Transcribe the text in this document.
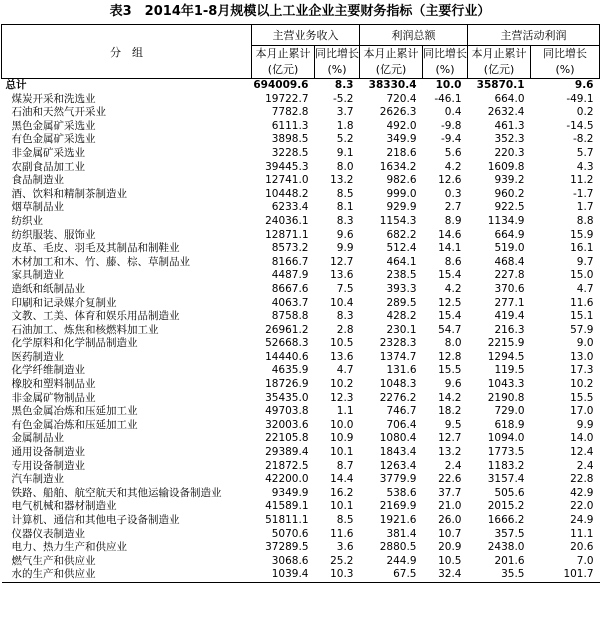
表3　2014年1-8月规模以上工业企业主要财务指标（主要行业）
分　组	主营业务收入		利润总额		主营活动利润	
	本月止累计	同比增长	本月止累计	同比增长	本月止累计	同比增长
	(亿元)	(%)	(亿元)	(%)	(亿元)	(%)
总计	694009.6	8.3	38330.4	10.0	35870.1	9.6
煤炭开采和洗选业	19722.7	-5.2	720.4	-46.1	664.0	-49.1
石油和天然气开采业	7782.8	3.7	2626.3	0.4	2632.4	0.2
黑色金属矿采选业	6111.3	1.8	492.0	-9.8	461.3	-14.5
有色金属矿采选业	3898.5	5.2	349.9	-9.4	352.3	-8.2
非金属矿采选业	3228.5	9.1	218.6	5.6	220.3	5.7
农副食品加工业	39445.3	8.0	1634.2	4.2	1609.8	4.3
食品制造业	12741.0	13.2	982.6	12.6	939.2	11.2
酒、饮料和精制茶制造业	10448.2	8.5	999.0	0.3	960.2	-1.7
烟草制品业	6233.4	8.1	929.9	2.7	922.5	1.7
纺织业	24036.1	8.3	1154.3	8.9	1134.9	8.8
纺织服装、服饰业	12871.1	9.6	682.2	14.6	664.9	15.9
皮革、毛皮、羽毛及其制品和制鞋业	8573.2	9.9	512.4	14.1	519.0	16.1
木材加工和木、竹、藤、棕、草制品业	8166.7	12.7	464.1	8.6	468.4	9.7
家具制造业	4487.9	13.6	238.5	15.4	227.8	15.0
造纸和纸制品业	8667.6	7.5	393.3	4.2	370.6	4.7
印刷和记录媒介复制业	4063.7	10.4	289.5	12.5	277.1	11.6
文教、工美、体育和娱乐用品制造业	8758.8	8.3	428.2	15.4	419.4	15.1
石油加工、炼焦和核燃料加工业	26961.2	2.8	230.1	54.7	216.3	57.9
化学原料和化学制品制造业	52668.3	10.5	2328.3	8.0	2215.9	9.0
医药制造业	14440.6	13.6	1374.7	12.8	1294.5	13.0
化学纤维制造业	4635.9	4.7	131.6	15.5	119.5	17.3
橡胶和塑料制品业	18726.9	10.2	1048.3	9.6	1043.3	10.2
非金属矿物制品业	35435.0	12.3	2276.2	14.2	2190.8	15.5
黑色金属冶炼和压延加工业	49703.8	1.1	746.7	18.2	729.0	17.0
有色金属冶炼和压延加工业	32003.6	10.0	706.4	9.5	618.9	9.9
金属制品业	22105.8	10.9	1080.4	12.7	1094.0	14.0
通用设备制造业	29389.4	10.1	1843.4	13.2	1773.5	12.4
专用设备制造业	21872.5	8.7	1263.4	2.4	1183.2	2.4
汽车制造业	42200.0	14.4	3779.9	22.6	3157.4	22.8
铁路、船舶、航空航天和其他运输设备制造业	9349.9	16.2	538.6	37.7	505.6	42.9
电气机械和器材制造业	41589.1	10.1	2169.9	21.0	2015.2	22.0
计算机、通信和其他电子设备制造业	51811.1	8.5	1921.6	26.0	1666.2	24.9
仪器仪表制造业	5070.6	11.6	381.4	10.7	357.5	11.1
电力、热力生产和供应业	37289.5	3.6	2880.5	20.9	2438.0	20.6
燃气生产和供应业	3068.6	25.2	244.9	10.5	201.6	7.0
水的生产和供应业	1039.4	10.3	67.5	32.4	35.5	101.7
